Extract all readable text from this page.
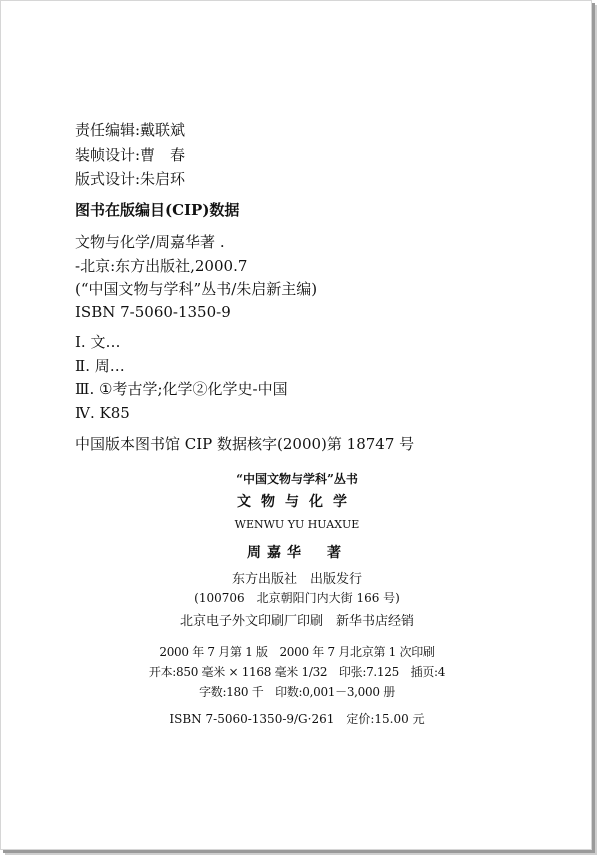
责任编辑:戴联斌
装帧设计:曹　春
版式设计:朱启环
图书在版编目(CIP)数据
文物与化学/周嘉华著 .
-北京:东方出版社,2000.7
(“中国文物与学科”丛书/朱启新主编)
ISBN 7-5060-1350-9
Ⅰ. 文…
Ⅱ. 周…
Ⅲ. ①考古学;化学②化学史-中国
Ⅳ. K85
中国版本图书馆 CIP 数据核字(2000)第 18747 号
“中国文物与学科”丛书
文物与化学
WENWU YU HUAXUE
周嘉华　著
东方出版社　出版发行
(100706　北京朝阳门内大街 166 号)
北京电子外文印刷厂印刷　新华书店经销
2000 年 7 月第 1 版　2000 年 7 月北京第 1 次印刷
开本:850 毫米 × 1168 毫米 1/32　印张:7.125　插页:4
字数:180 千　印数:0,001－3,000 册
ISBN 7-5060-1350-9/G·261　定价:15.00 元
